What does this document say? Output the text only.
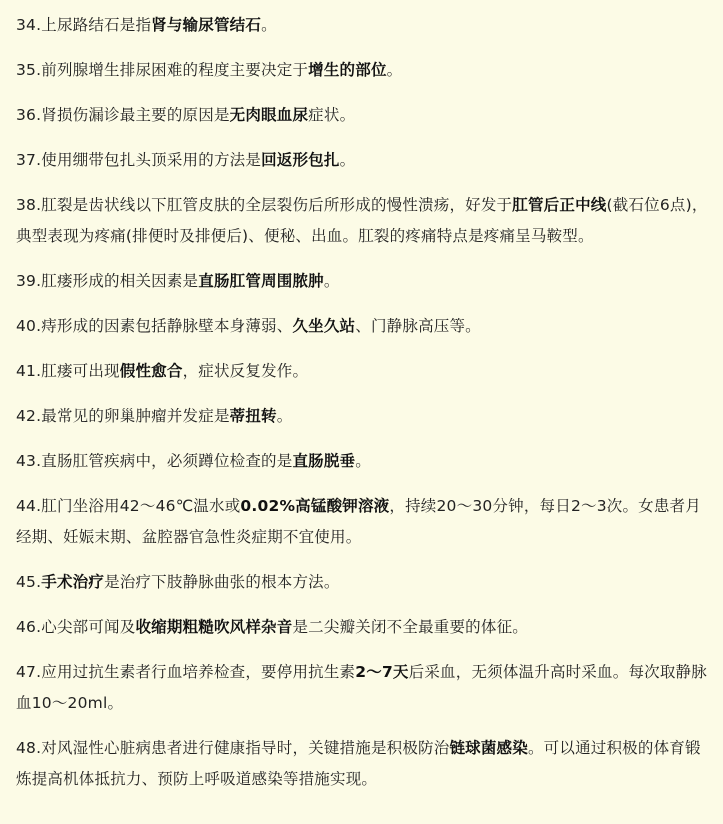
34.上尿路结石是指肾与输尿管结石。

35.前列腺增生排尿困难的程度主要决定于增生的部位。

36.肾损伤漏诊最主要的原因是无肉眼血尿症状。

37.使用绷带包扎头顶采用的方法是回返形包扎。

38.肛裂是齿状线以下肛管皮肤的全层裂伤后所形成的慢性溃疡，好发于肛管后正中线(截石位6点)，典型表现为疼痛(排便时及排便后)、便秘、出血。肛裂的疼痛特点是疼痛呈马鞍型。

39.肛瘘形成的相关因素是直肠肛管周围脓肿。

40.痔形成的因素包括静脉壁本身薄弱、久坐久站、门静脉高压等。

41.肛瘘可出现假性愈合，症状反复发作。

42.最常见的卵巢肿瘤并发症是蒂扭转。

43.直肠肛管疾病中，必须蹲位检查的是直肠脱垂。

44.肛门坐浴用42～46℃温水或0.02%高锰酸钾溶液，持续20～30分钟，每日2～3次。女患者月经期、妊娠末期、盆腔器官急性炎症期不宜使用。

45.手术治疗是治疗下肢静脉曲张的根本方法。

46.心尖部可闻及收缩期粗糙吹风样杂音是二尖瓣关闭不全最重要的体征。

47.应用过抗生素者行血培养检查，要停用抗生素2～7天后采血，无须体温升高时采血。每次取静脉血10～20ml。

48.对风湿性心脏病患者进行健康指导时，关键措施是积极防治链球菌感染。可以通过积极的体育锻炼提高机体抵抗力、预防上呼吸道感染等措施实现。
